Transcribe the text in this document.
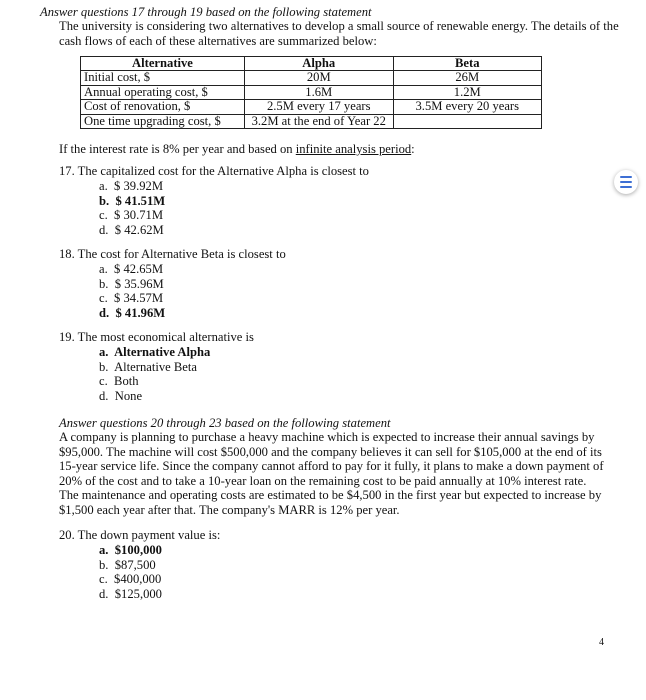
Answer questions 17 through 19 based on the following statement
The university is considering two alternatives to develop a small source of renewable energy. The details of the cash flows of each of these alternatives are summarized below:
Alternative	Alpha	Beta
Initial cost, $	20M	26M
Annual operating cost, $	1.6M	1.2M
Cost of renovation, $	2.5M every 17 years	3.5M every 20 years
One time upgrading cost, $	3.2M at the end of Year 22	
If the interest rate is 8% per year and based on infinite analysis period:
17. The capitalized cost for the Alternative Alpha is closest to
a. $ 39.92M
b. $ 41.51M
c. $ 30.71M
d. $ 42.62M
18. The cost for Alternative Beta is closest to
a. $ 42.65M
b. $ 35.96M
c. $ 34.57M
d. $ 41.96M
19. The most economical alternative is
a. Alternative Alpha
b. Alternative Beta
c. Both
d. None
Answer questions 20 through 23 based on the following statement
A company is planning to purchase a heavy machine which is expected to increase their annual savings by $95,000. The machine will cost $500,000 and the company believes it can sell for $105,000 at the end of its 15-year service life. Since the company cannot afford to pay for it fully, it plans to make a down payment of 20% of the cost and to take a 10-year loan on the remaining cost to be paid annually at 10% interest rate. The maintenance and operating costs are estimated to be $4,500 in the first year but expected to increase by $1,500 each year after that. The company's MARR is 12% per year.
20. The down payment value is:
a. $100,000
b. $87,500
c. $400,000
d. $125,000
4
